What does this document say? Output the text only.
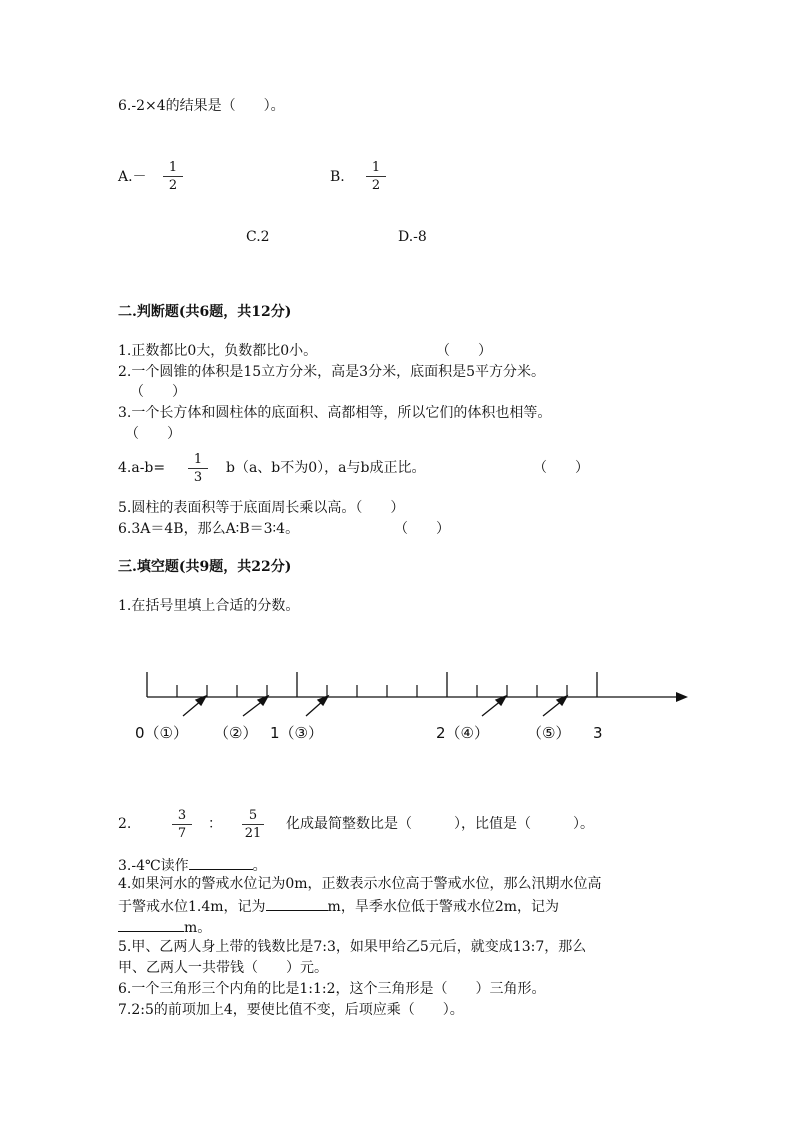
6.-2×4的结果是（　　）。
$A.- \frac{1}{2}$	B. $\frac{1}{2}$
C.2	D.-8
二.判断题(共6题，共12分)
1.正数都比0大，负数都比0小。	（　　）
2.一个圆锥的体积是15立方分米，高是3分米，底面积是5平方分米。
（　　）
3.一个长方体和圆柱体的底面积、高都相等，所以它们的体积也相等。
（　　）
$4.a-b= \frac{1}{3} b(a$、b不为0），a与b成正比。	（　　）
5.圆柱的表面积等于底面周长乘以高。（　　）
6.3A＝4B，那么A∶B＝3∶4。	（　　）
三.填空题(共9题，共22分)
1.在括号里填上合适的分数。
0（①） （②） 1（③）	2（④）	（⑤） 3
2.	$\frac{3}{7}$ ： $\frac{5}{21}$ 化成最简整数比是（　　　），比值是（　　　）。
3.-4℃读作	。
4.如果河水的警戒水位记为0m，正数表示水位高于警戒水位，那么汛期水位高
于警戒水位1.4m，记为	m，旱季水位低于警戒水位2m，记为
m。
5.甲、乙两人身上带的钱数比是7:3，如果甲给乙5元后，就变成13:7，那么
甲、乙两人一共带钱（　　）元。
6.一个三角形三个内角的比是1:1:2，这个三角形是（　　）三角形。
7.2:5的前项加上4，要使比值不变，后项应乘（　　）。
